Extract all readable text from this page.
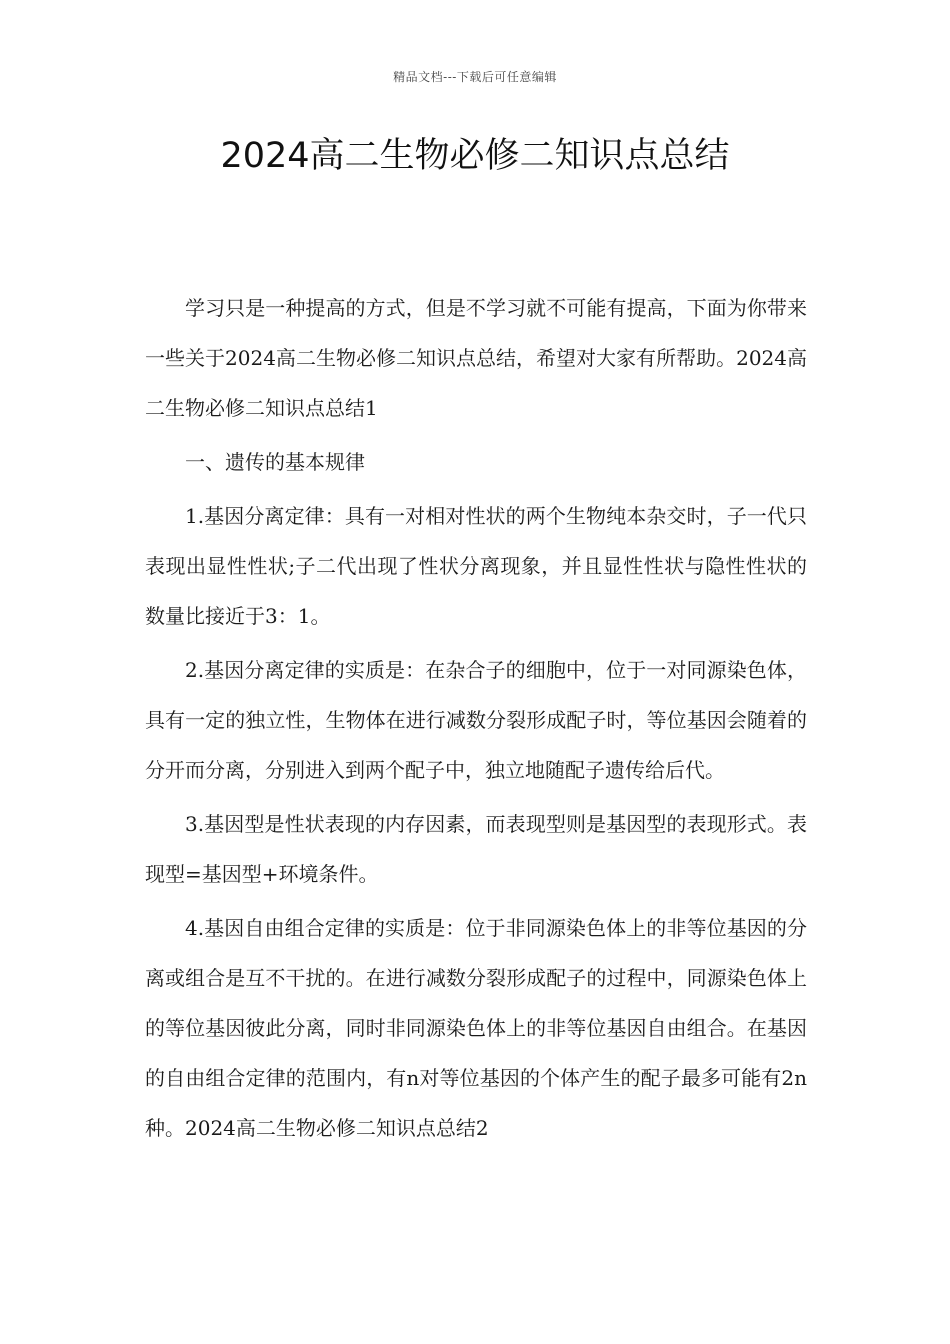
精品文档---下载后可任意编辑
2024高二生物必修二知识点总结

学习只是一种提高的方式，但是不学习就不可能有提高，下面为你带来一些关于2024高二生物必修二知识点总结，希望对大家有所帮助。2024高二生物必修二知识点总结1

一、遗传的基本规律

1.基因分离定律：具有一对相对性状的两个生物纯本杂交时，子一代只表现出显性性状;子二代出现了性状分离现象，并且显性性状与隐性性状的数量比接近于3：1。

2.基因分离定律的实质是：在杂合子的细胞中，位于一对同源染色体，具有一定的独立性，生物体在进行减数分裂形成配子时，等位基因会随着的分开而分离，分别进入到两个配子中，独立地随配子遗传给后代。

3.基因型是性状表现的内存因素，而表现型则是基因型的表现形式。表现型=基因型+环境条件。

4.基因自由组合定律的实质是：位于非同源染色体上的非等位基因的分离或组合是互不干扰的。在进行减数分裂形成配子的过程中，同源染色体上的等位基因彼此分离，同时非同源染色体上的非等位基因自由组合。在基因的自由组合定律的范围内，有n对等位基因的个体产生的配子最多可能有2n种。2024高二生物必修二知识点总结2
